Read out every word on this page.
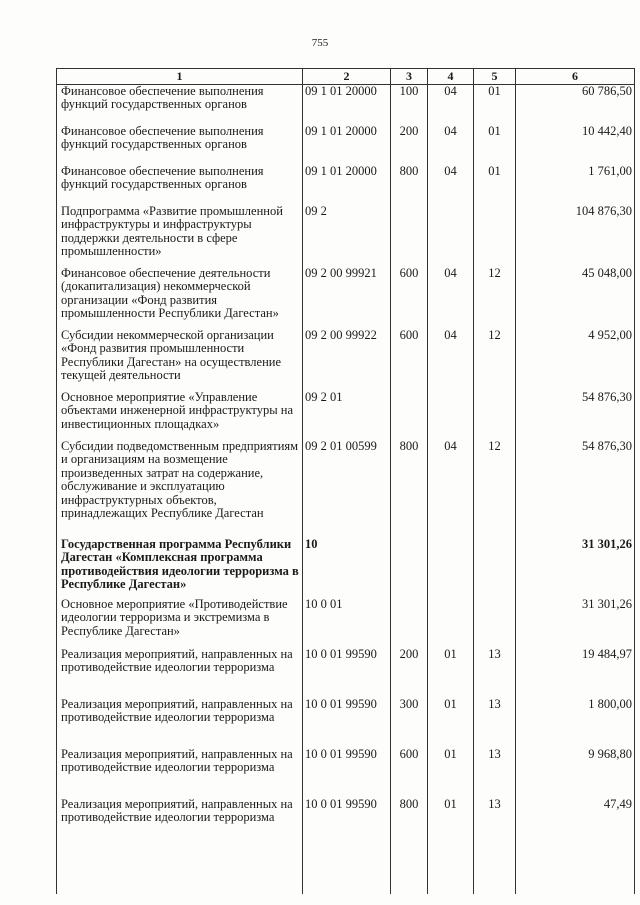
755
1	2	3	4	5	6
Финансовое обеспечение выполнения функций государственных органов	09 1 01 20000	100	04	01	60 786,50
Финансовое обеспечение выполнения функций государственных органов	09 1 01 20000	200	04	01	10 442,40
Финансовое обеспечение выполнения функций государственных органов	09 1 01 20000	800	04	01	1 761,00
Подпрограмма «Развитие промышленной инфраструктуры и инфраструктуры поддержки деятельности в сфере промышленности»	09 2				104 876,30
Финансовое обеспечение деятельности (докапитализация) некоммерческой организации «Фонд развития промышленности Республики Дагестан»	09 2 00 99921	600	04	12	45 048,00
Субсидии некоммерческой организации «Фонд развития промышленности Республики Дагестан» на осуществление текущей деятельности	09 2 00 99922	600	04	12	4 952,00
Основное мероприятие «Управление объектами инженерной инфраструктуры на инвестиционных площадках»	09 2 01				54 876,30
Субсидии подведомственным предприятиям и организациям на возмещение произведенных затрат на содержание, обслуживание и эксплуатацию инфраструктурных объектов, принадлежащих Республике Дагестан	09 2 01 00599	800	04	12	54 876,30
Государственная программа Республики Дагестан «Комплексная программа противодействия идеологии терроризма в Республике Дагестан»	10				31 301,26
Основное мероприятие «Противодействие идеологии терроризма и экстремизма в Республике Дагестан»	10 0 01				31 301,26
Реализация мероприятий, направленных на противодействие идеологии терроризма	10 0 01 99590	200	01	13	19 484,97
Реализация мероприятий, направленных на противодействие идеологии терроризма	10 0 01 99590	300	01	13	1 800,00
Реализация мероприятий, направленных на противодействие идеологии терроризма	10 0 01 99590	600	01	13	9 968,80
Реализация мероприятий, направленных на противодействие идеологии терроризма	10 0 01 99590	800	01	13	47,49
